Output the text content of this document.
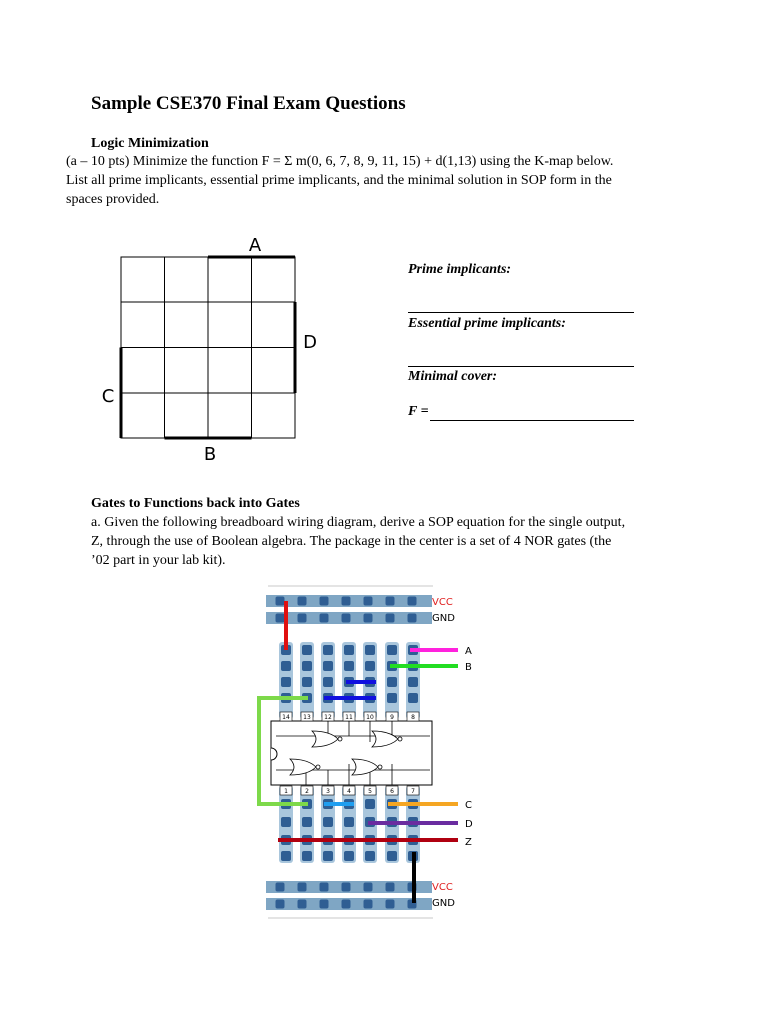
Sample CSE370 Final Exam Questions
Logic Minimization

(a – 10 pts) Minimize the function F = Σ m(0, 6, 7, 8, 9, 11, 15) + d(1,13) using the K-map below.

List all prime implicants, essential prime implicants, and the minimal solution in SOP form in the

spaces provided.

A
D
C
B
Prime implicants:
Essential prime implicants:
Minimal cover:
F =
Gates to Functions back into Gates

a. Given the following breadboard wiring diagram, derive a SOP equation for the single output,

Z, through the use of Boolean algebra. The package in the center is a set of 4 NOR gates (the

’02 part in your lab kit).

14 13 12 11 10	9	8
1	2	3	4	5	6	7
VCC
GND
A
B
C
D
Z
VCC
GND
